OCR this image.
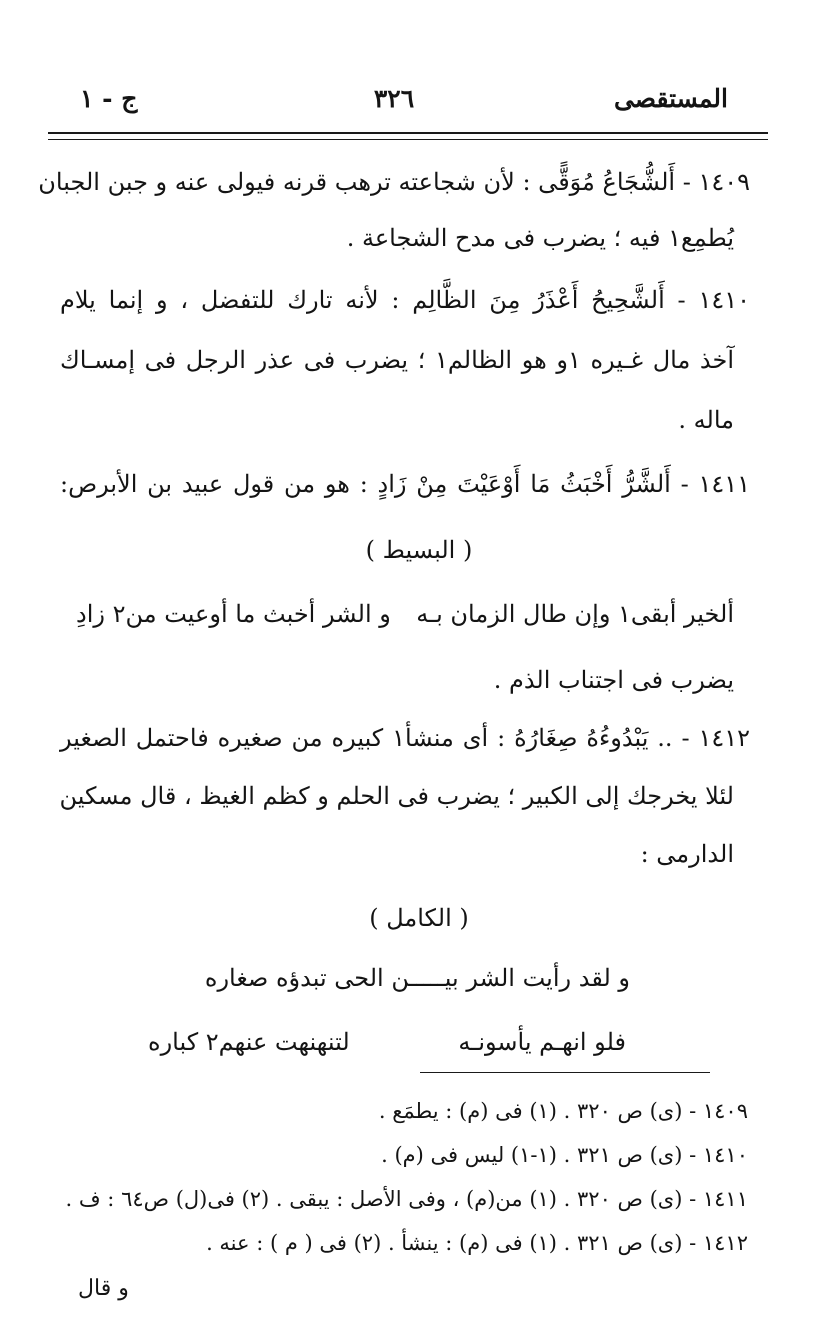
المستقصى
٣٢٦
ج - ١
١٤٠٩ - أَلشُّجَاعُ مُوَقًّى : لأن شجاعته ترهب قرنه فيولى عنه و جبن الجبان
يُطمِع١ فيه ؛ يضرب فى مدح الشجاعة .
١٤١٠ - أَلشَّحِيحُ أَعْذَرُ مِنَ الظَّالِم : لأنه تارك للتفضل ، و إنما يلام
آخذ مال غـيره ١و هو الظالم١ ؛ يضرب فى عذر الرجل فى إمسـاك
ماله .
١٤١١ - أَلشَّرُّ أَخْبَثُ مَا أَوْعَيْتَ مِنْ زَادٍ : هو من قول عبيد بن الأبرص:
( البسيط )
ألخير أبقى١ وإن طال الزمان بـه
و الشر أخبث ما أوعيت من٢ زادِ
يضرب فى اجتناب الذم .
١٤١٢ - .. يَبْدُوءُهُ صِغَارُهُ : أى منشأ١ كبيره من صغيره فاحتمل الصغير
لئلا يخرجك إلى الكبير ؛ يضرب فى الحلم و كظم الغيظ ، قال مسكين
الدارمى :
( الكامل )
و لقد رأيت الشر بيـــــن الحى تبدؤه صغاره
فلو انهـم يأسونـه
لتنهنهت عنهم٢ كباره
١٤٠٩ - (ى) ص ٣٢٠ . (١) فى (م) : يطمَع .
١٤١٠ - (ى) ص ٣٢١ . (١-١) ليس فى (م) .
١٤١١ - (ى) ص ٣٢٠ . (١) من(م) ، وفى الأصل : يبقى . (٢) فى(ل) ص٦٤ : ف .
١٤١٢ - (ى) ص ٣٢١ . (١) فى (م) : ينشأ . (٢) فى ( م ) : عنه .
و قال
